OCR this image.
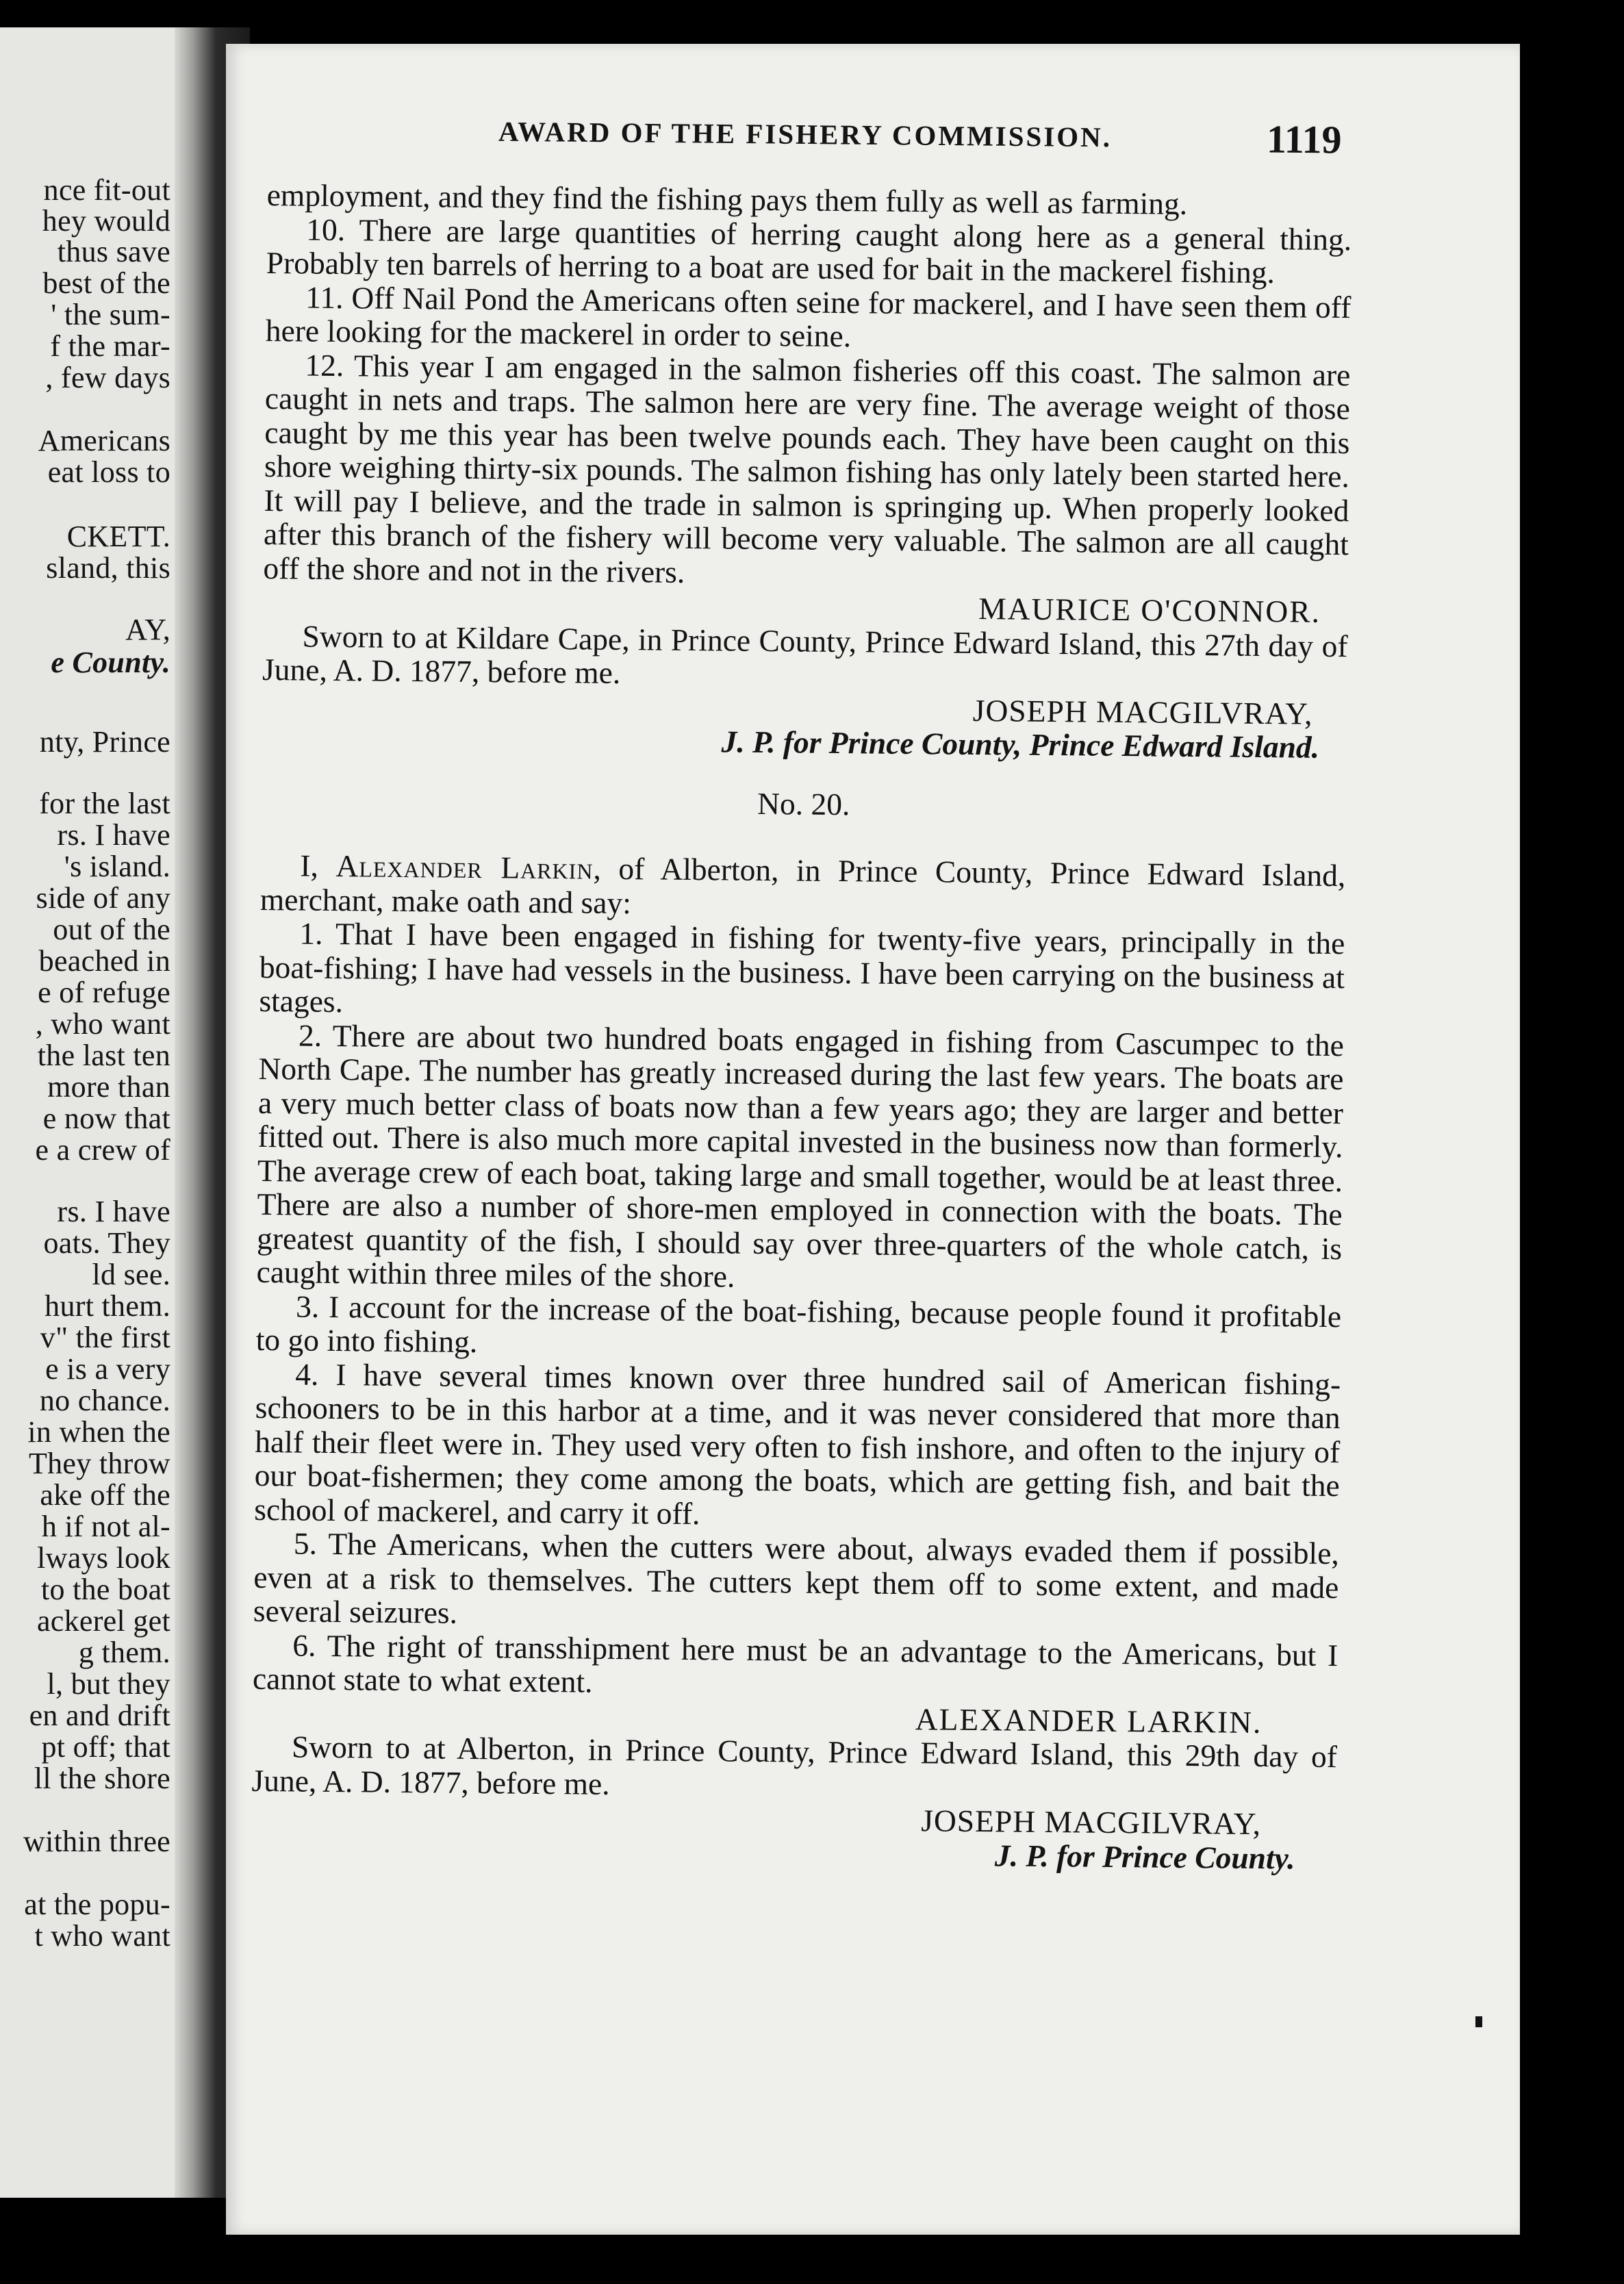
nce fit-out
hey would
thus save
best of the
' the sum-
f the mar-
, few days
Americans
eat loss to
CKETT.
sland, this
AY,
e County.
nty, Prince
for the last
rs. I have
's island.
side of any
out of the
beached in
e of refuge
, who want
the last ten
more than
e now that
e a crew of
rs. I have
oats. They
ld see.
hurt them.
v" the first
e is a very
no chance.
in when the
They throw
ake off the
h if not al-
lways look
to the boat
ackerel get
g them.
l, but they
en and drift
pt off; that
ll the shore
within three
at the popu-
t who want
AWARD OF THE FISHERY COMMISSION.	1119

employment, and they find the fishing pays them fully as well as farming.

10. There are large quantities of herring caught along here as a general thing. Probably ten barrels of herring to a boat are used for bait in the mackerel fishing.

11. Off Nail Pond the Americans often seine for mackerel, and I have seen them off here looking for the mackerel in order to seine.

12. This year I am engaged in the salmon fisheries off this coast. The salmon are caught in nets and traps. The salmon here are very fine. The average weight of those caught by me this year has been twelve pounds each. They have been caught on this shore weighing thirty-six pounds. The salmon fishing has only lately been started here. It will pay I believe, and the trade in salmon is springing up. When properly looked after this branch of the fishery will become very valuable. The salmon are all caught off the shore and not in the rivers.

MAURICE O'CONNOR.

Sworn to at Kildare Cape, in Prince County, Prince Edward Island, this 27th day of June, A. D. 1877, before me.

JOSEPH MACGILVRAY,

J. P. for Prince County, Prince Edward Island.

No. 20.

I, Alexander Larkin, of Alberton, in Prince County, Prince Edward Island, merchant, make oath and say:

1. That I have been engaged in fishing for twenty-five years, principally in the boat-fishing; I have had vessels in the business. I have been carrying on the business at stages.

2. There are about two hundred boats engaged in fishing from Cascumpec to the North Cape. The number has greatly increased during the last few years. The boats are a very much better class of boats now than a few years ago; they are larger and better fitted out. There is also much more capital invested in the business now than formerly. The average crew of each boat, taking large and small together, would be at least three. There are also a number of shore-men employed in connection with the boats. The greatest quantity of the fish, I should say over three-quarters of the whole catch, is caught within three miles of the shore.

3. I account for the increase of the boat-fishing, because people found it profitable to go into fishing.

4. I have several times known over three hundred sail of American fishing-schooners to be in this harbor at a time, and it was never considered that more than half their fleet were in. They used very often to fish inshore, and often to the injury of our boat-fishermen; they come among the boats, which are getting fish, and bait the school of mackerel, and carry it off.

5. The Americans, when the cutters were about, always evaded them if possible, even at a risk to themselves. The cutters kept them off to some extent, and made several seizures.

6. The right of transshipment here must be an advantage to the Americans, but I cannot state to what extent.

ALEXANDER LARKIN.

Sworn to at Alberton, in Prince County, Prince Edward Island, this 29th day of June, A. D. 1877, before me.

JOSEPH MACGILVRAY,

J. P. for Prince County.
